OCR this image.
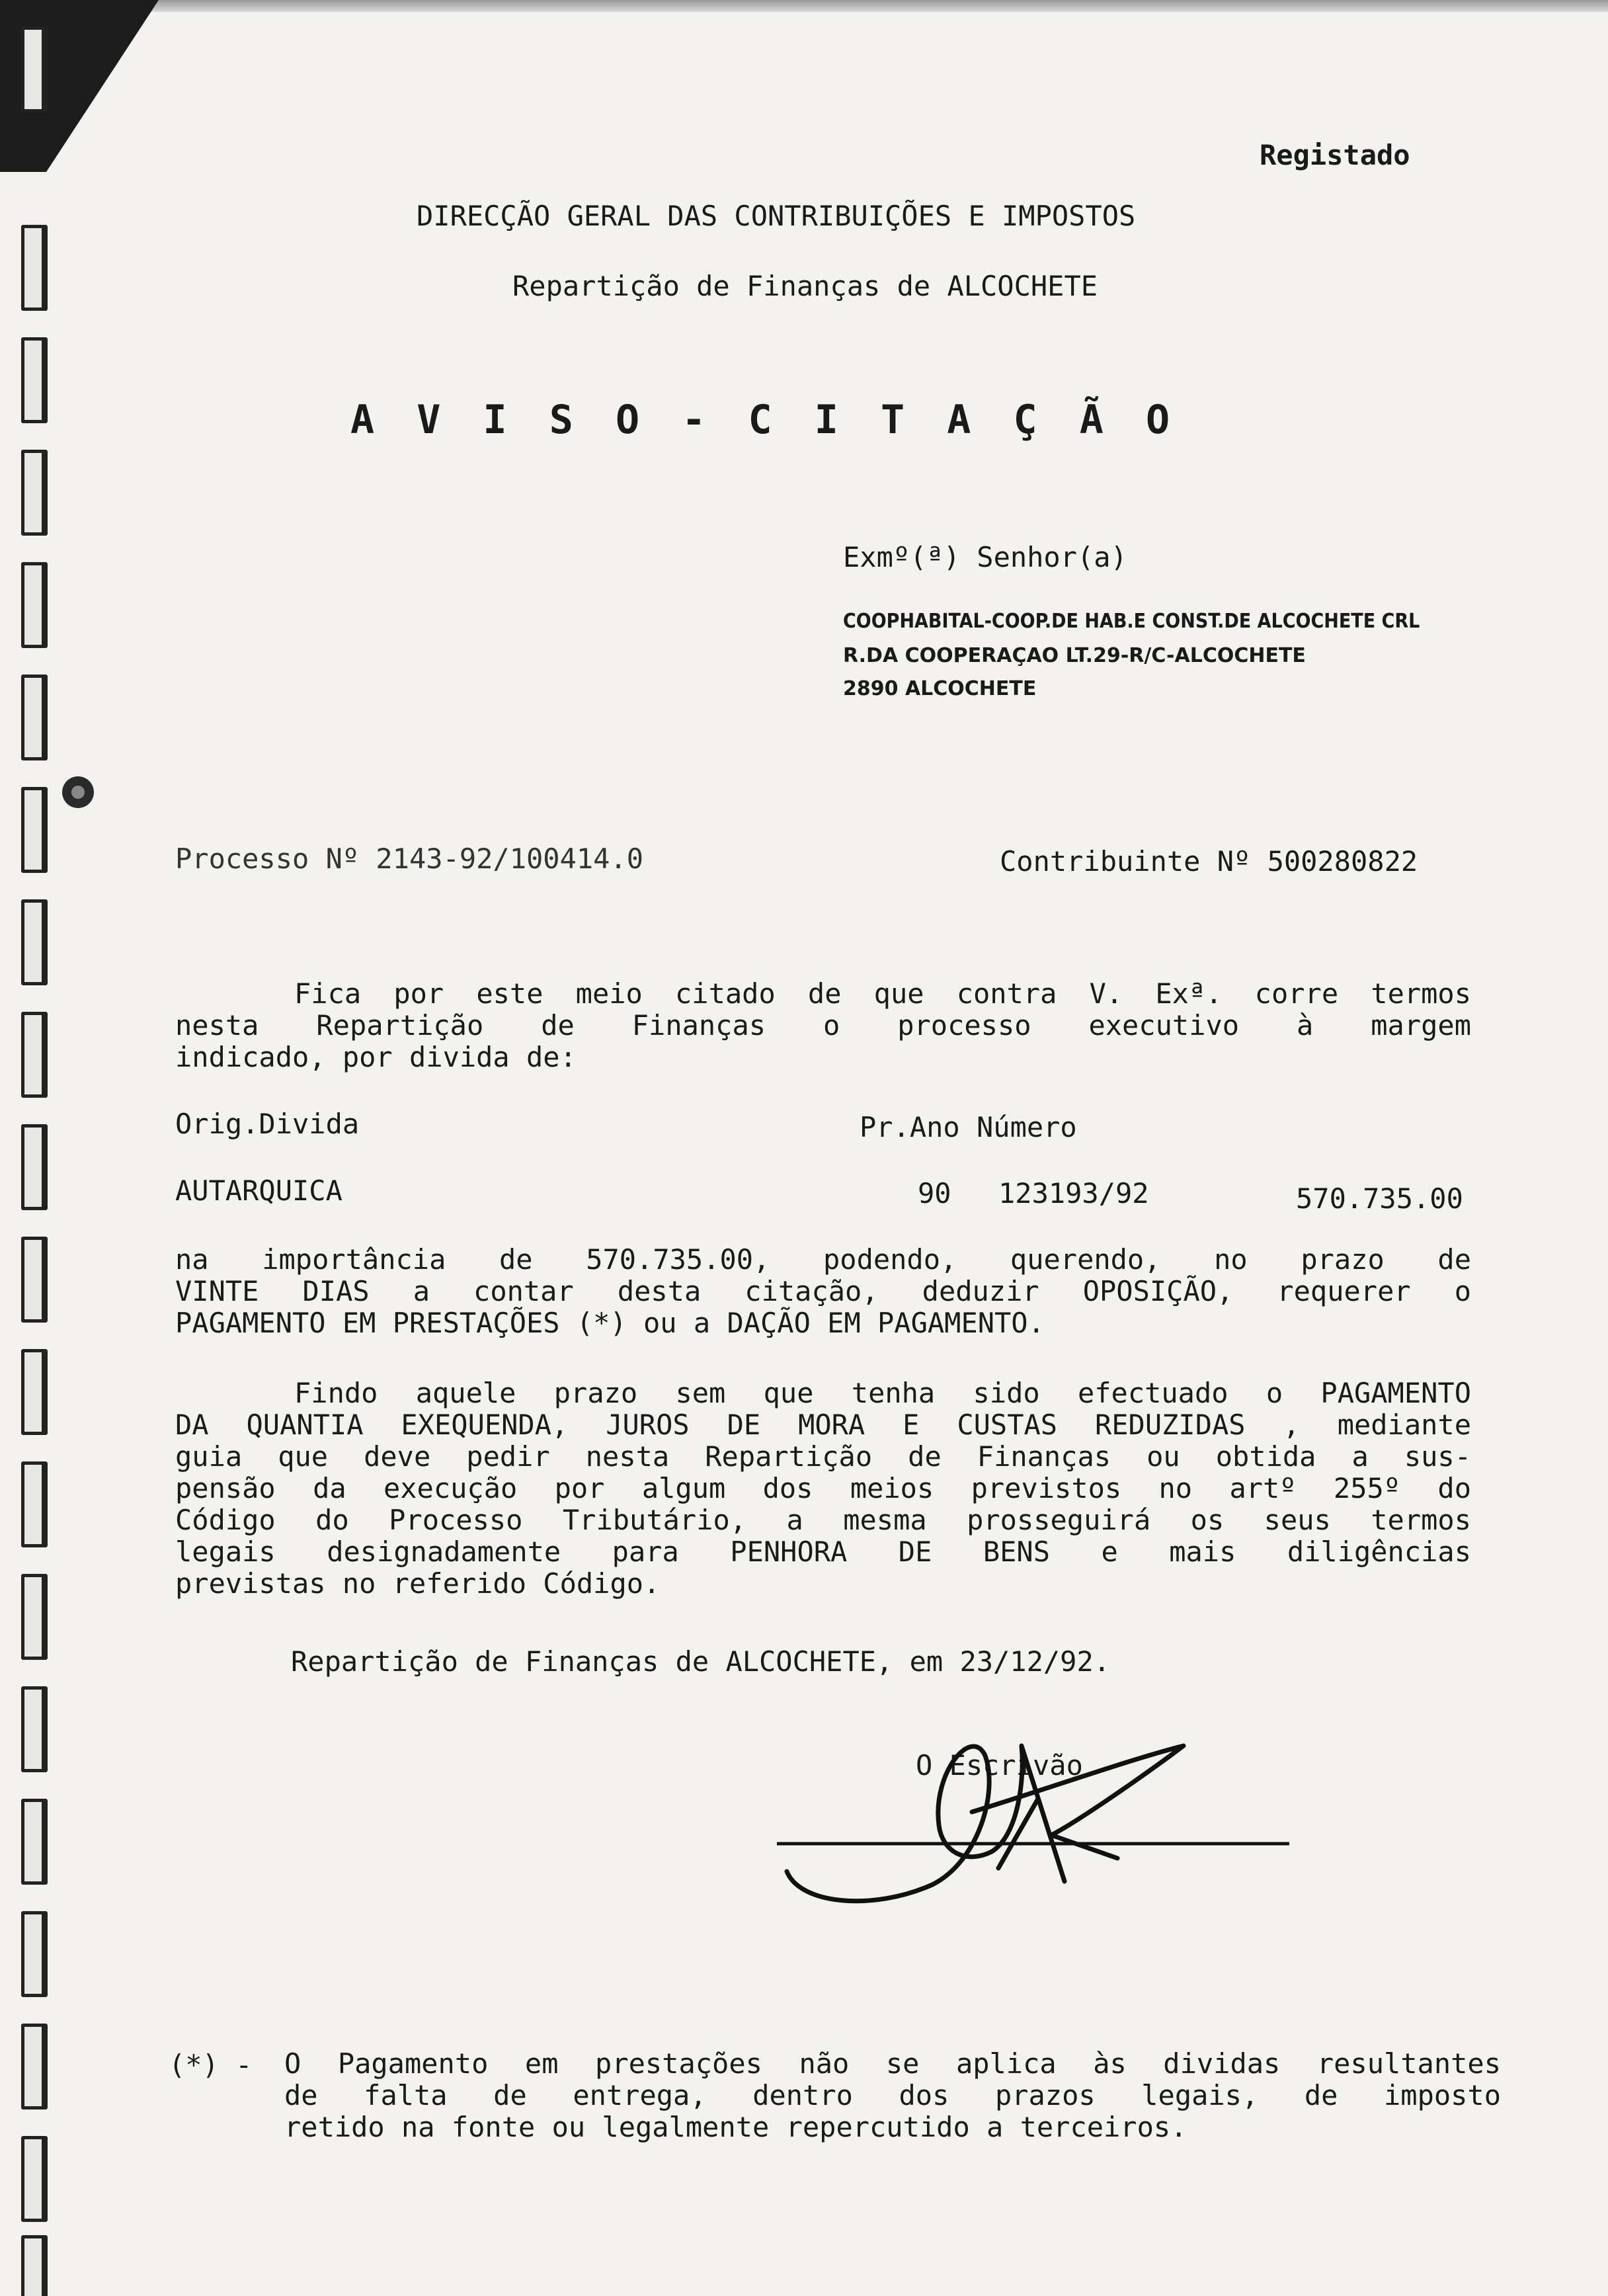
Registado
DIRECÇÃO GERAL DAS CONTRIBUIÇÕES E IMPOSTOS
Repartição de Finanças de ALCOCHETE
A V I S O - C I T A Ç Ã O
Exmº(ª) Senhor(a)
COOPHABITAL-COOP.DE HAB.E CONST.DE ALCOCHETE CRL
R.DA COOPERAÇAO LT.29-R/C-ALCOCHETE
2890 ALCOCHETE
Processo Nº 2143-92/100414.0	Contribuinte Nº 500280822
Fica por este meio citado de que contra V. Exª. corre termos
nesta Repartição de Finanças o processo executivo à margem
indicado, por divida de:
Orig.Divida	Pr.Ano Número
AUTARQUICA	90 123193/92	570.735.00
na importância de 570.735.00, podendo, querendo, no prazo de
VINTE DIAS a contar desta citação, deduzir OPOSIÇÃO, requerer o
PAGAMENTO EM PRESTAÇÕES (*) ou a DAÇÃO EM PAGAMENTO.
Findo aquele prazo sem que tenha sido efectuado o PAGAMENTO
DA QUANTIA EXEQUENDA, JUROS DE MORA E CUSTAS REDUZIDAS , mediante
guia que deve pedir nesta Repartição de Finanças ou obtida a sus-
pensão da execução por algum dos meios previstos no artº 255º do
Código do Processo Tributário, a mesma prosseguirá os seus termos
legais designadamente para PENHORA DE BENS e mais diligências
previstas no referido Código.
Repartição de Finanças de ALCOCHETE, em 23/12/92.
O Escrivão
(*) - O Pagamento em prestações não se aplica às dividas resultantes
de falta de entrega, dentro dos prazos legais, de imposto
retido na fonte ou legalmente repercutido a terceiros.
